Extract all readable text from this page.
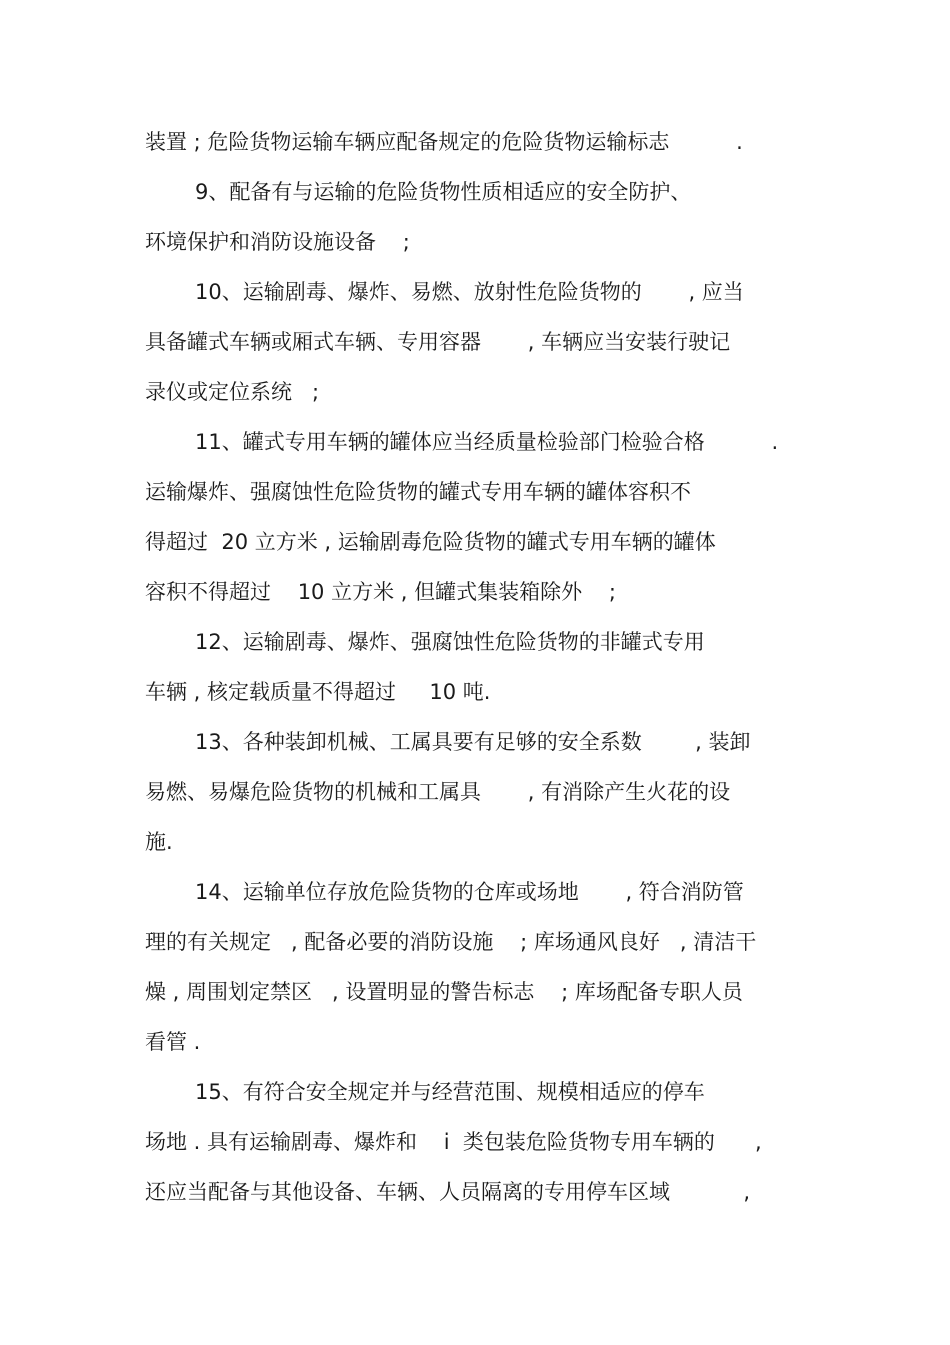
装置 ; 危险货物运输车辆应配备规定的危险货物运输标志          .
9、配备有与运输的危险货物性质相适应的安全防护、
环境保护和消防设施设备    ;
10、运输剧毒、爆炸、易燃、放射性危险货物的       , 应当
具备罐式车辆或厢式车辆、专用容器       , 车辆应当安装行驶记
录仪或定位系统   ;
11、罐式专用车辆的罐体应当经质量检验部门检验合格          .
运输爆炸、强腐蚀性危险货物的罐式专用车辆的罐体容积不
得超过  20 立方米 , 运输剧毒危险货物的罐式专用车辆的罐体
容积不得超过    10 立方米 , 但罐式集装箱除外    ;
12、运输剧毒、爆炸、强腐蚀性危险货物的非罐式专用
车辆 , 核定载质量不得超过     10 吨.
13、各种装卸机械、工属具要有足够的安全系数        , 装卸
易燃、易爆危险货物的机械和工属具       , 有消除产生火花的设
施.
14、运输单位存放危险货物的仓库或场地       , 符合消防管
理的有关规定   , 配备必要的消防设施    ; 库场通风良好   , 清洁干
燥 , 周围划定禁区   , 设置明显的警告标志    ; 库场配备专职人员
看管 .
15、有符合安全规定并与经营范围、规模相适应的停车
场地 . 具有运输剧毒、爆炸和    i  类包装危险货物专用车辆的      ,
还应当配备与其他设备、车辆、人员隔离的专用停车区域           ,
